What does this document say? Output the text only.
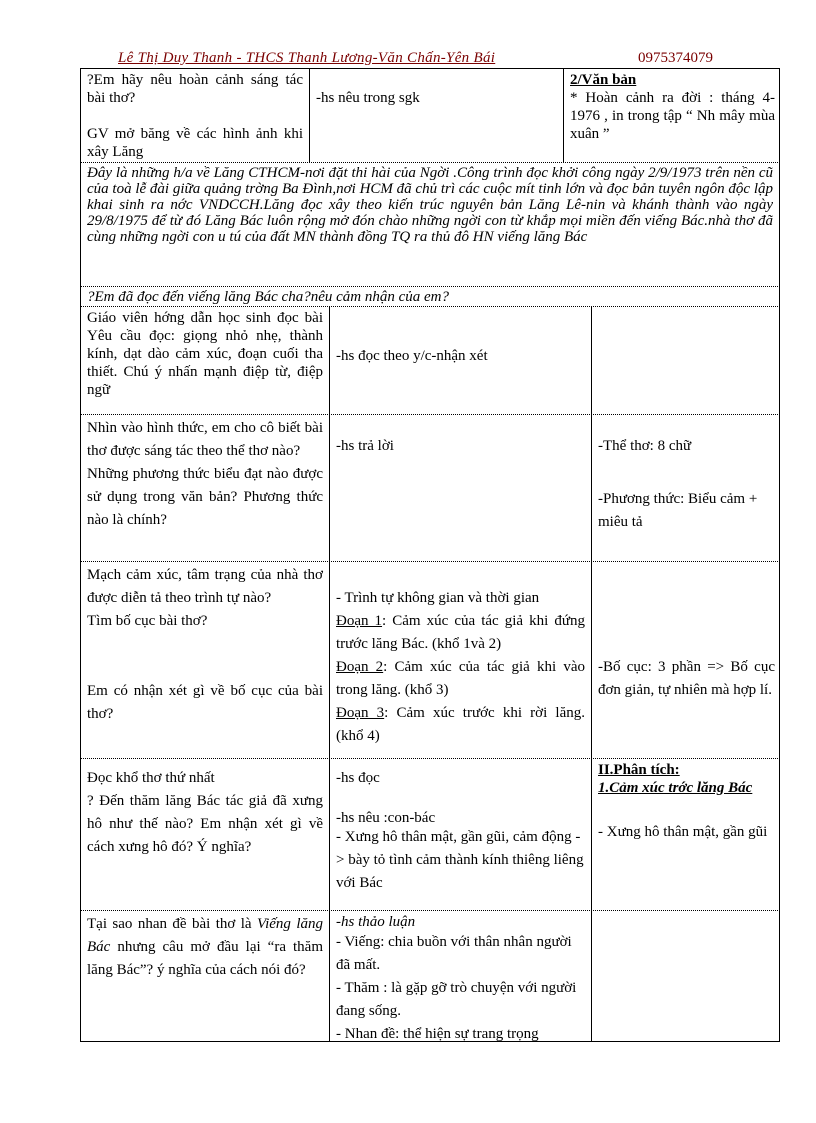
Lê Thị Duy Thanh - THCS Thanh Lương-Văn Chấn-Yên Bái	0975374079

?Em hãy nêu hoàn cảnh sáng tác bài thơ?

GV mở băng về các hình ảnh khi xây Lăng

-hs nêu trong sgk

2/Văn bản

* Hoàn cảnh ra đời : tháng 4- 1976 , in trong tập “ Nh mây mùa xuân ”

Đây là những h/a về Lăng CTHCM-nơi đặt thi hài của Ngời .Công trình đọc khởi công ngày 2/9/1973 trên nền cũ của toà lễ đài giữa quảng trờng Ba Đình,nơi HCM đã chủ trì các cuộc mít tinh lớn và đọc bản tuyên ngôn độc lập khai sinh ra nớc VNDCCH.Lăng đọc xây theo kiến trúc nguyên bản Lăng Lê-nin và khánh thành vào ngày 29/8/1975 để từ đó Lăng Bác luôn rộng mở đón chào những ngời con từ khắp mọi miền đến viếng Bác.nhà thơ đã cùng những ngời con u tú của đất MN thành đồng TQ ra thủ đô HN viếng lăng Bác
?Em đã đọc đến viếng lăng Bác cha?nêu cảm nhận của em?

Giáo viên hớng dẫn học sinh đọc bài Yêu cầu đọc: giọng nhỏ nhẹ, thành kính, dạt dào cảm xúc, đoạn cuối tha thiết. Chú ý nhấn mạnh điệp từ, điệp ngữ

-hs đọc theo y/c-nhận xét

Nhìn vào hình thức, em cho cô biết bài thơ được sáng tác theo thể thơ nào?

Những phương thức biểu đạt nào được sử dụng trong văn bản? Phương thức nào là chính?

-hs trả lời	-Thể thơ: 8 chữ

-Phương thức: Biểu cảm + miêu tả

Mạch cảm xúc, tâm trạng của nhà thơ được diễn tả theo trình tự nào?

Tìm bố cục bài thơ?

Em có nhận xét gì về bố cục của bài thơ?

- Trình tự không gian và thời gian

Đoạn 1: Cảm xúc của tác giả khi đứng trước lăng Bác. (khổ 1và 2)

Đoạn 2: Cảm xúc của tác giả khi vào trong lăng. (khổ 3)

Đoạn 3: Cảm xúc trước khi rời lăng. (khổ 4)

-Bố cục: 3 phần => Bố cục đơn giản, tự nhiên mà hợp lí.

Đọc khổ thơ thứ nhất

? Đến thăm lăng Bác tác giả đã xưng hô như thế nào? Em nhận xét gì về cách xưng hô đó? Ý nghĩa?

-hs đọc

-hs nêu :con-bác

- Xưng hô thân mật, gần gũi, cảm động -> bày tỏ tình cảm thành kính thiêng liêng với Bác

II.Phân tích:

1.Cảm xúc trớc lăng Bác

- Xưng hô thân mật, gần gũi

Tại sao nhan đề bài thơ là Viếng lăng Bác nhưng câu mở đầu lại “ra thăm lăng Bác”? ý nghĩa của cách nói đó?

-hs thảo luận

- Viếng: chia buồn với thân nhân người đã mất.

- Thăm : là gặp gỡ trò chuyện với người đang sống.

- Nhan đề: thể hiện sự trang trọng
